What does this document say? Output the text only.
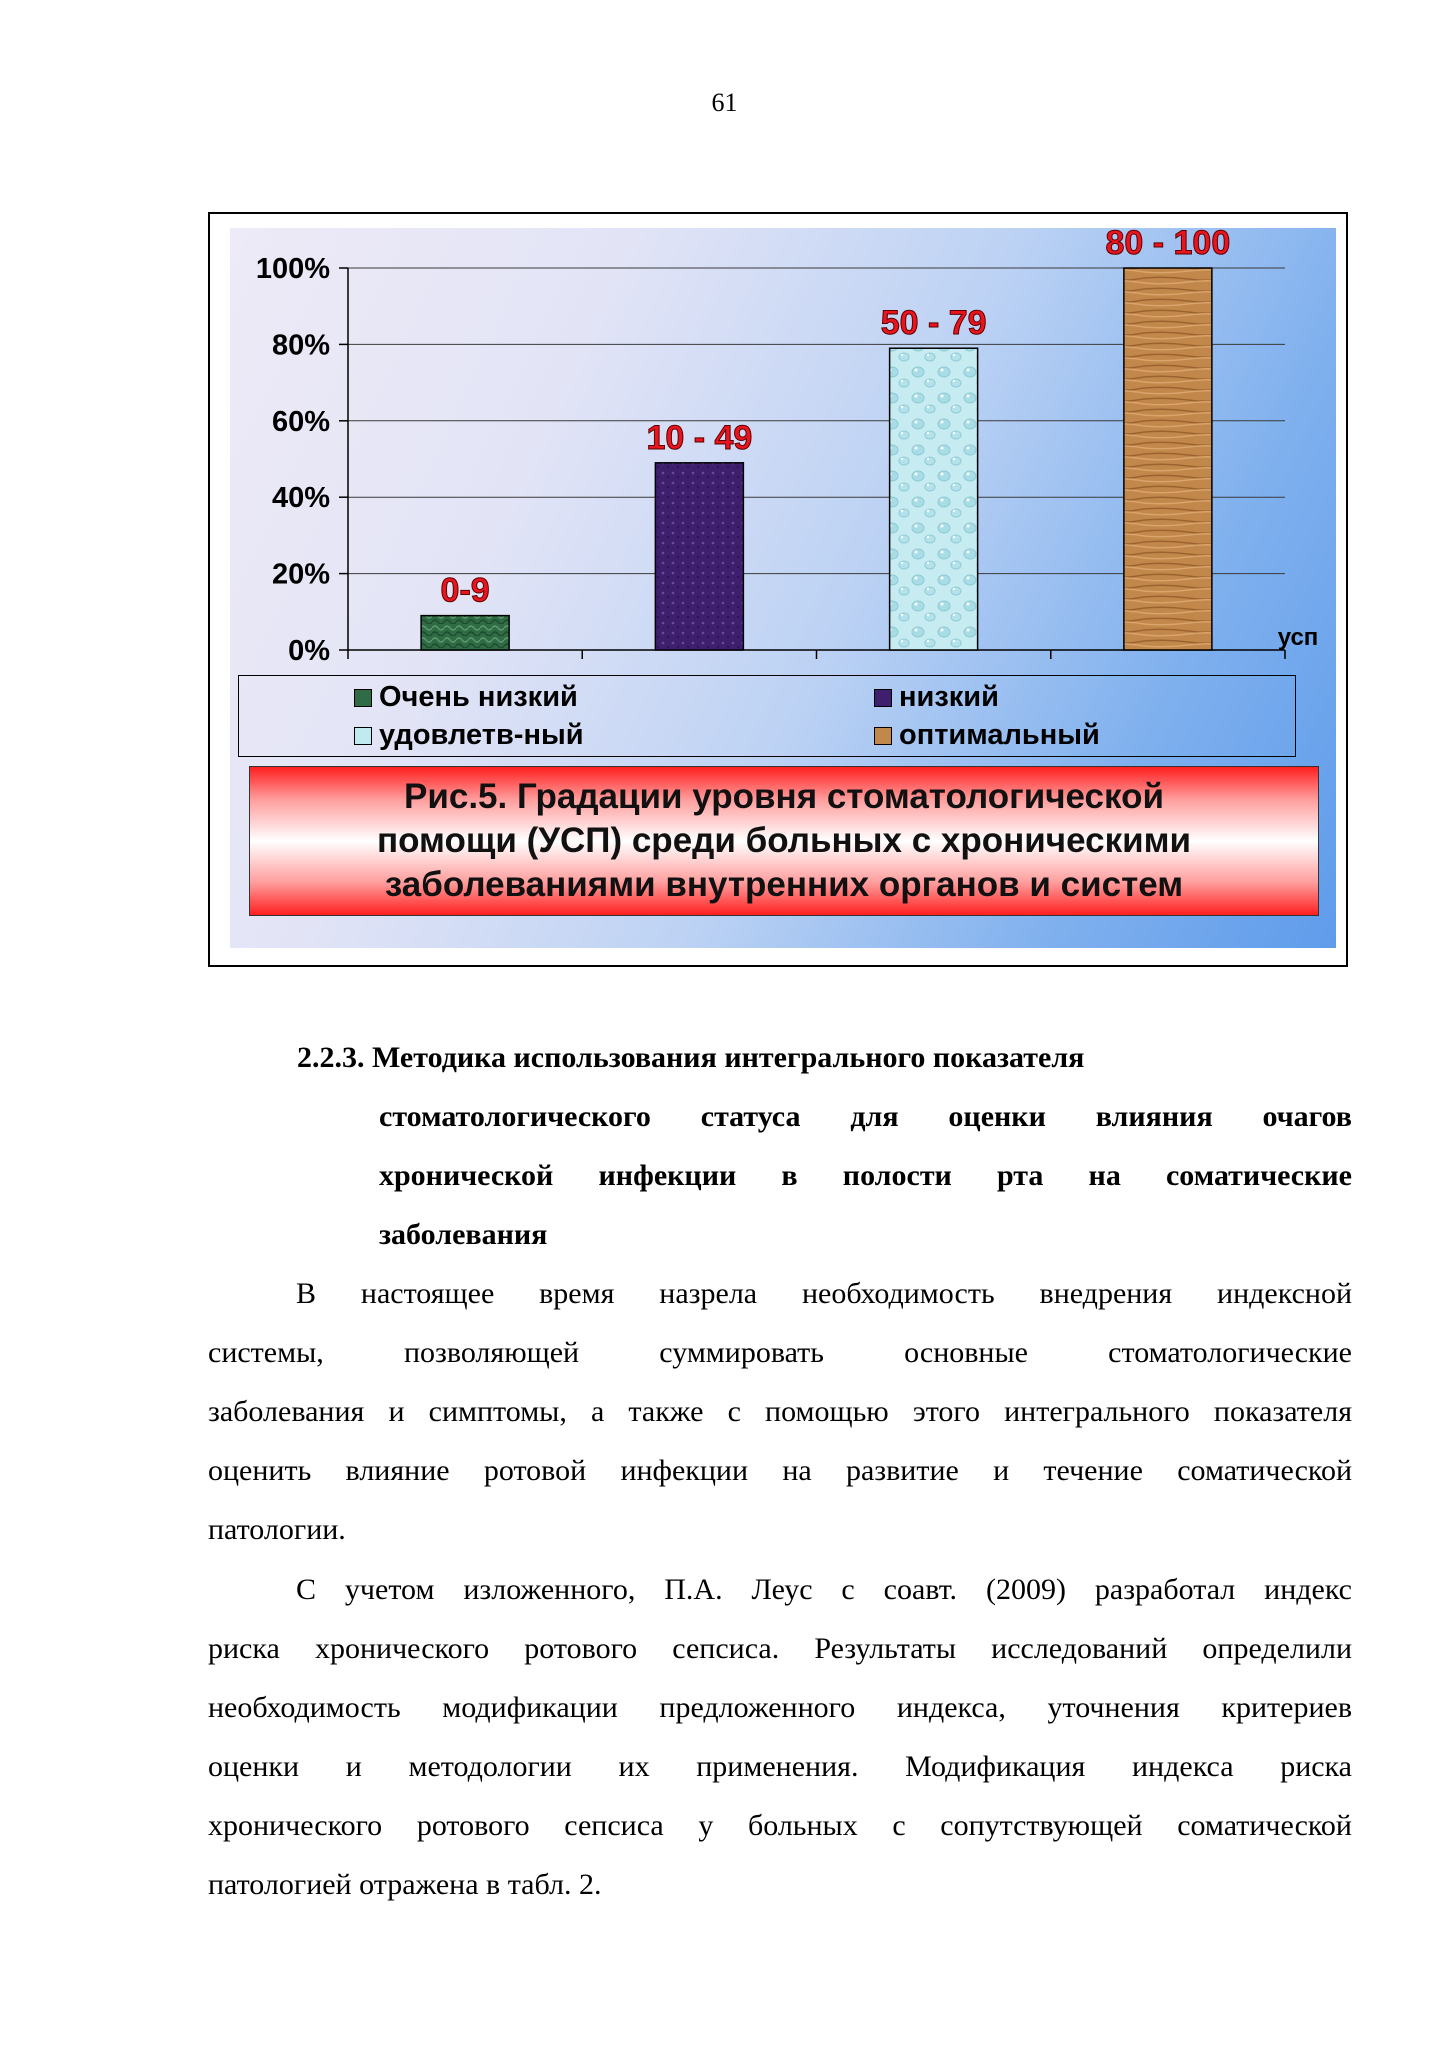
61
0%
20%
40%
60%
80%
100%
0-9
10 - 49
50 - 79
80 - 100
усп
Очень низкий	низкий
удовлетв-ный	оптимальный
Рис.5. Градации уровня стоматологической
помощи (УСП) среди больных с хроническими
заболеваниями внутренних органов и систем
2.2.3. Методика использования интегрального показателя
стоматологического статуса для оценки влияния очагов
хронической инфекции в полости рта на соматические
заболевания
В настоящее время назрела необходимость внедрения индексной
системы, позволяющей суммировать основные стоматологические
заболевания и симптомы, а также с помощью этого интегрального показателя
оценить влияние ротовой инфекции на развитие и течение соматической
патологии.
С учетом изложенного, П.А. Леус с соавт. (2009) разработал индекс
риска хронического ротового сепсиса. Результаты исследований определили
необходимость модификации предложенного индекса, уточнения критериев
оценки и методологии их применения. Модификация индекса риска
хронического ротового сепсиса у больных с сопутствующей соматической
патологией отражена в табл. 2.
